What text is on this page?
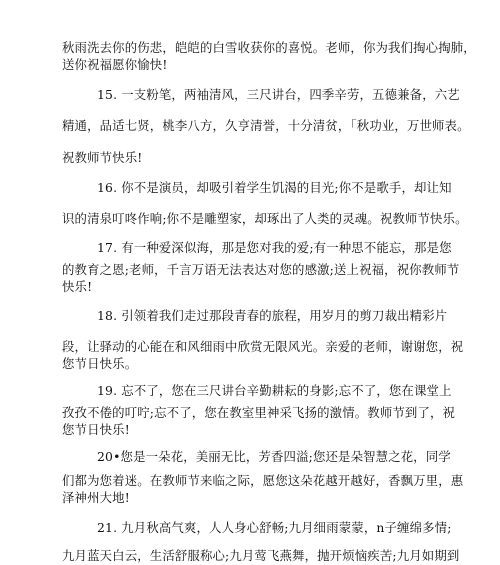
秋雨洗去你的伤悲，皑皑的白雪收获你的喜悦。老师，你为我们掏心掏肺，
送你祝福愿你愉快!
15. 一支粉笔，两袖清风，三尺讲台，四季辛劳，五德兼备，六艺
精通，品适七贤，桃李八方，久亨清誉，十分清贫，「秋功业，万世师表。
祝教师节快乐!
16. 你不是演员，却吸引着学生饥渴的目光;你不是歌手，却让知
识的清泉叮咚作响;你不是雕塑家，却琢出了人类的灵魂。祝教师节快乐。
17. 有一种爱深似海，那是您对我的爱;有一种思不能忘，那是您
的教育之恩;老师，千言万语无法表达对您的感激;送上祝福，祝你教师节
快乐!
18. 引领着我们走过那段青春的旅程，用岁月的剪刀裁出精彩片
段，让驿动的心能在和风细雨中欣赏无限风光。亲爱的老师，谢谢您，祝
您节日快乐。
19. 忘不了，您在三尺讲台辛勤耕耘的身影;忘不了，您在课堂上
孜孜不倦的叮咛;忘不了，您在教室里神采飞扬的激情。教师节到了，祝
您节日快乐!
20•您是一朵花，美丽无比，芳香四溢;您还是朵智慧之花，同学
们都为您着迷。在教师节来临之际，愿您这朵花越开越好，香飘万里，惠
泽神州大地!
21. 九月秋高气爽，人人身心舒畅;九月细雨蒙蒙，n子缠绵多情;
九月蓝天白云，生活舒服称心;九月莺飞燕舞，抛开烦恼疾苦;九月如期到
